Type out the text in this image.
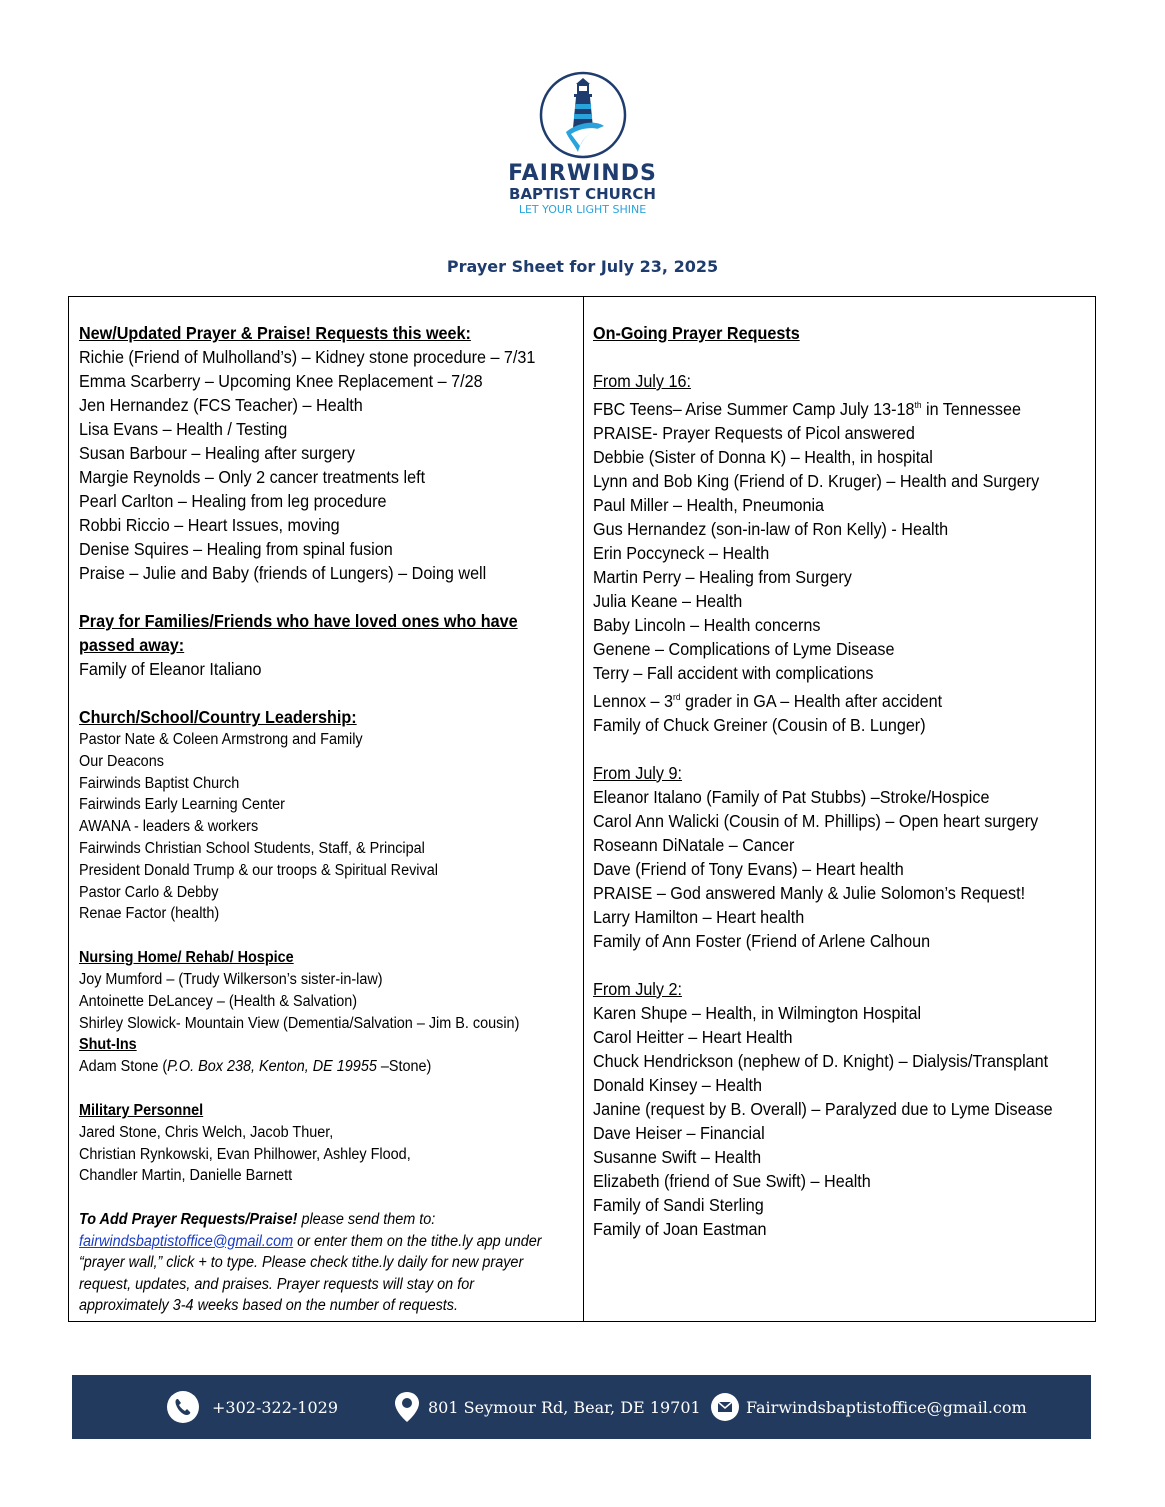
FAIRWINDS
BAPTIST CHURCH
LET YOUR LIGHT SHINE
Prayer Sheet for July 23, 2025
New/Updated Prayer & Praise! Requests this week:
Richie (Friend of Mulholland’s) – Kidney stone procedure – 7/31
Emma Scarberry – Upcoming Knee Replacement – 7/28
Jen Hernandez (FCS Teacher) – Health
Lisa Evans – Health / Testing
Susan Barbour – Healing after surgery
Margie Reynolds – Only 2 cancer treatments left
Pearl Carlton – Healing from leg procedure
Robbi Riccio – Heart Issues, moving
Denise Squires – Healing from spinal fusion
Praise – Julie and Baby (friends of Lungers) – Doing well
Pray for Families/Friends who have loved ones who have
passed away:
Family of Eleanor Italiano
Church/School/Country Leadership:
Pastor Nate & Coleen Armstrong and Family
Our Deacons
Fairwinds Baptist Church
Fairwinds Early Learning Center
AWANA - leaders & workers
Fairwinds Christian School Students, Staff, & Principal
President Donald Trump & our troops & Spiritual Revival
Pastor Carlo & Debby
Renae Factor (health)
Nursing Home/ Rehab/ Hospice
Joy Mumford – (Trudy Wilkerson’s sister-in-law)
Antoinette DeLancey – (Health & Salvation)
Shirley Slowick- Mountain View (Dementia/Salvation – Jim B. cousin)
Shut-Ins
Adam Stone (P.O. Box 238, Kenton, DE 19955 –Stone)
Military Personnel
Jared Stone, Chris Welch, Jacob Thuer,
Christian Rynkowski, Evan Philhower, Ashley Flood,
Chandler Martin, Danielle Barnett
To Add Prayer Requests/Praise! please send them to:
fairwindsbaptistoffice@gmail.com or enter them on the tithe.ly app under “prayer wall,” click + to type. Please check tithe.ly daily for new prayer request, updates, and praises. Prayer requests will stay on for approximately 3-4 weeks based on the number of requests.
On-Going Prayer Requests
From July 16:
FBC Teens– Arise Summer Camp July 13-18th in Tennessee
PRAISE- Prayer Requests of Picol answered
Debbie (Sister of Donna K) – Health, in hospital
Lynn and Bob King (Friend of D. Kruger) – Health and Surgery
Paul Miller – Health, Pneumonia
Gus Hernandez (son-in-law of Ron Kelly) - Health
Erin Poccyneck – Health
Martin Perry – Healing from Surgery
Julia Keane – Health
Baby Lincoln – Health concerns
Genene – Complications of Lyme Disease
Terry – Fall accident with complications
Lennox – 3rd grader in GA – Health after accident
Family of Chuck Greiner (Cousin of B. Lunger)
From July 9:
Eleanor Italano (Family of Pat Stubbs) –Stroke/Hospice
Carol Ann Walicki (Cousin of M. Phillips) – Open heart surgery
Roseann DiNatale – Cancer
Dave (Friend of Tony Evans) – Heart health
PRAISE – God answered Manly & Julie Solomon’s Request!
Larry Hamilton – Heart health
Family of Ann Foster (Friend of Arlene Calhoun
From July 2:
Karen Shupe – Health, in Wilmington Hospital
Carol Heitter – Heart Health
Chuck Hendrickson (nephew of D. Knight) – Dialysis/Transplant
Donald Kinsey – Health
Janine (request by B. Overall) – Paralyzed due to Lyme Disease
Dave Heiser – Financial
Susanne Swift – Health
Elizabeth (friend of Sue Swift) – Health
Family of Sandi Sterling
Family of Joan Eastman
+302-322-1029	801 Seymour Rd, Bear, DE 19701	Fairwindsbaptistoffice@gmail.com
